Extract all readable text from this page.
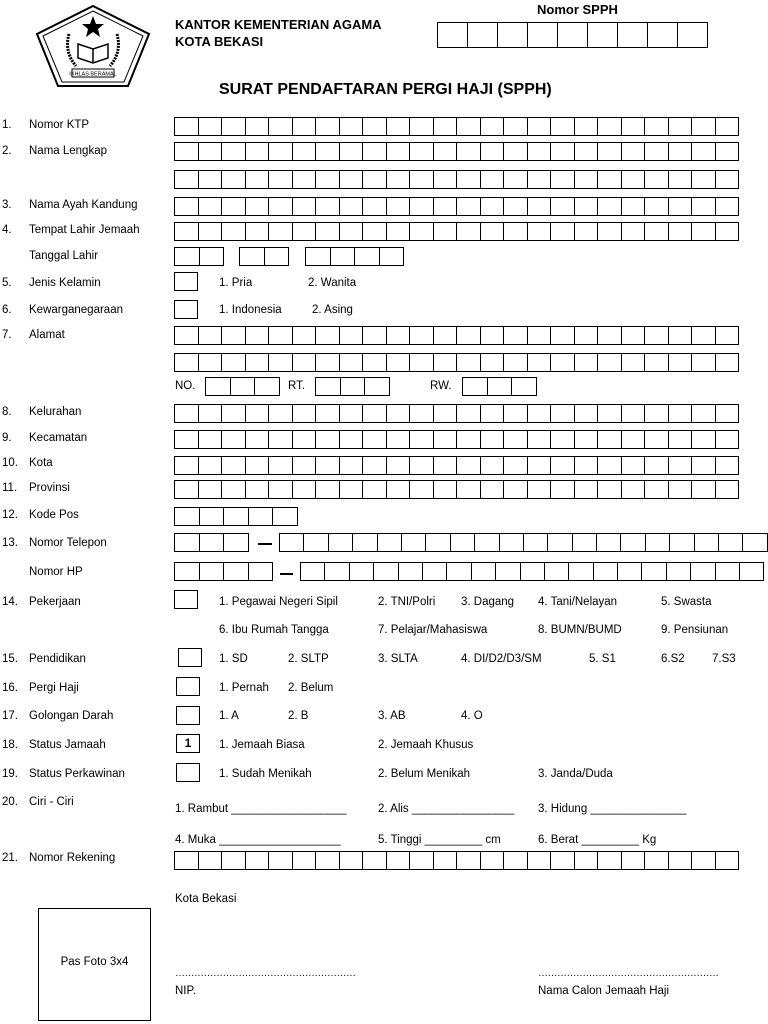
IKHLAS BERAMAL
KANTOR KEMENTERIAN AGAMA
KOTA BEKASI
Nomor SPPH
SURAT PENDAFTARAN PERGI HAJI (SPPH)
1. Nomor KTP
2. Nama Lengkap
3. Nama Ayah Kandung
4. Tempat Lahir Jemaah
Tanggal Lahir
5. Jenis Kelamin	1. Pria	2. Wanita
6. Kewarganegaraan	1. Indonesia	2. Asing
7. Alamat
NO.	RT.	RW.
8. Kelurahan
9. Kecamatan
10. Kota
11. Provinsi
12. Kode Pos
13. Nomor Telepon
Nomor HP
14. Pekerjaan	1. Pegawai Negeri Sipil	2. TNI/Polri 3. Dagang 4. Tani/Nelayan	5. Swasta
6. Ibu Rumah Tangga	7. Pelajar/Mahasiswa	8. BUMN/BUMD	9. Pensiunan
15. Pendidikan	1. SD	2. SLTP	3. SLTA	4. DI/D2/D3/SM	5. S1	6.S2 7.S3
16. Pergi Haji	1. Pernah 2. Belum
17. Golongan Darah	1. A	2. B	3. AB	4. O
18. Status Jamaah	1	1. Jemaah Biasa	2. Jemaah Khusus
19. Status Perkawinan	1. Sudah Menikah	2. Belum Menikah	3. Janda/Duda
20. Ciri - Ciri
1. Rambut __________________	2. Alis ________________ 3. Hidung _______________
4. Muka ___________________	5. Tinggi _________ cm	6. Berat _________ Kg
21. Nomor Rekening
Kota Bekasi
Pas Foto 3x4
…………………………………………………
NIP.
…………………………………………………
Nama Calon Jemaah Haji
